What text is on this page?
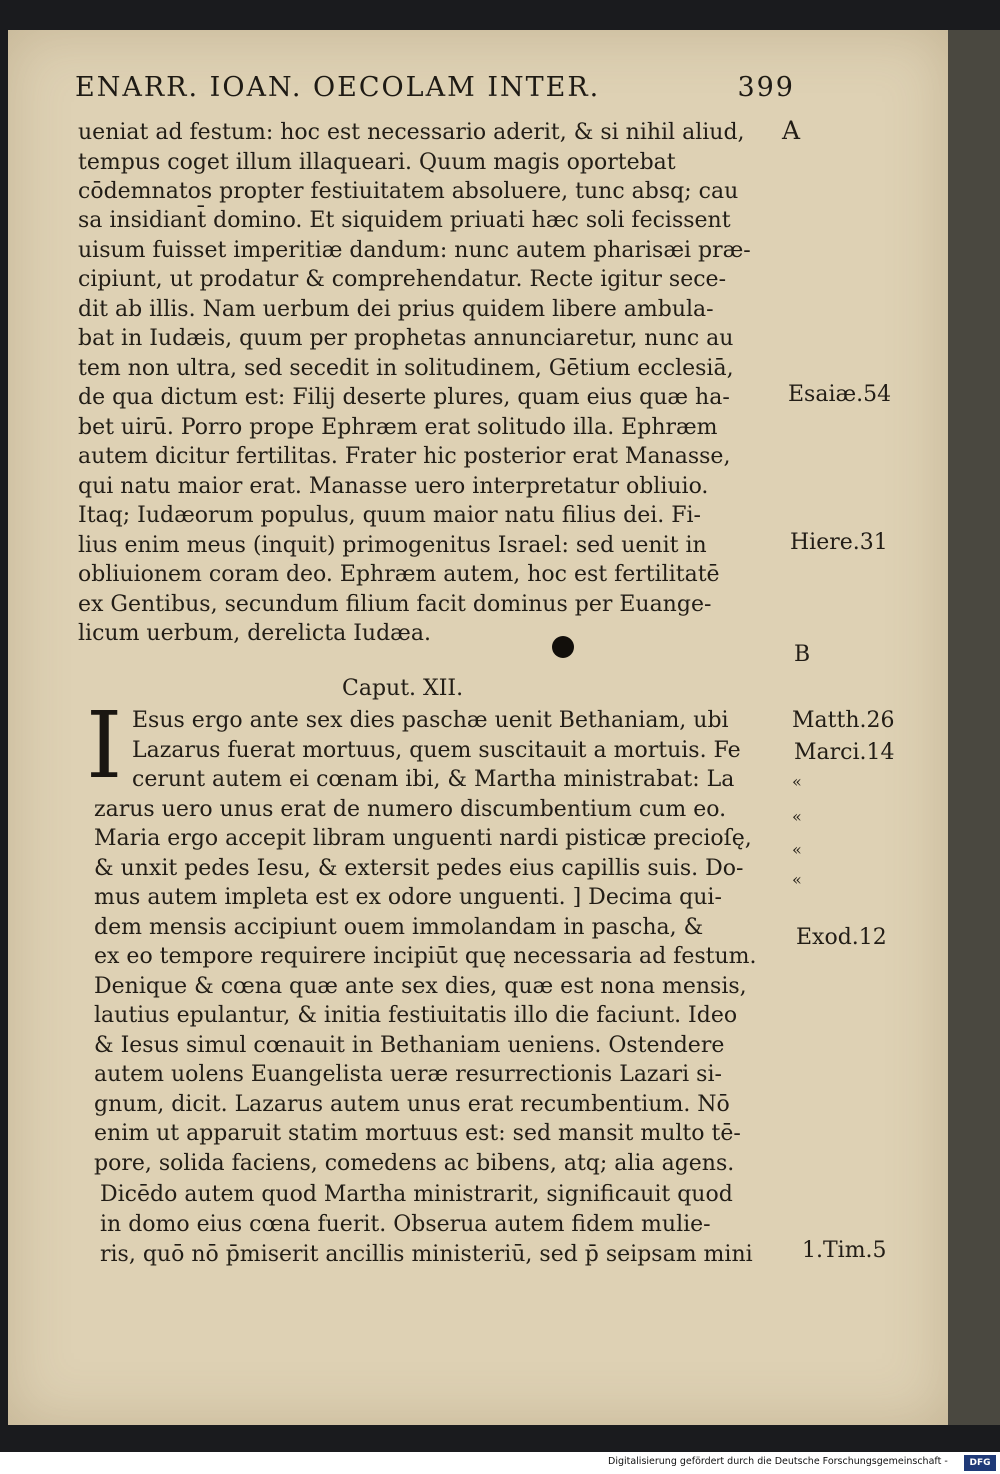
ENARR. IOAN. OECOLAM INTER.	399
ueniat ad festum: hoc est necessario aderit, & si nihil aliud,
tempus coget illum illaqueari. Quum magis oportebat
cōdemnatos propter festiuitatem absoluere, tunc absq; cau
sa insidiant̄ domino. Et siquidem priuati hæc soli fecissent
uisum fuisset imperitiæ dandum: nunc autem pharisæi præ-
cipiunt, ut prodatur & comprehendatur. Recte igitur sece-
dit ab illis. Nam uerbum dei prius quidem libere ambula-
bat in Iudæis, quum per prophetas annunciaretur, nunc au
tem non ultra, sed secedit in solitudinem, Gētium ecclesiā,
de qua dictum est: Filij deserte plures, quam eius quæ ha-
bet uirū. Porro prope Ephræm erat solitudo illa. Ephræm
autem dicitur fertilitas. Frater hic posterior erat Manasse,
qui natu maior erat. Manasse uero interpretatur obliuio.
Itaq; Iudæorum populus, quum maior natu filius dei. Fi-
lius enim meus (inquit) primogenitus Israel: sed uenit in
obliuionem coram deo. Ephræm autem, hoc est fertilitatē
ex Gentibus, secundum filium facit dominus per Euange-
licum uerbum, derelicta Iudæa.
Caput. XII.
I Esus ergo ante sex dies paschæ uenit Bethaniam, ubi
Lazarus fuerat mortuus, quem suscitauit a mortuis. Fe
cerunt autem ei cœnam ibi, & Martha ministrabat: La
zarus uero unus erat de numero discumbentium cum eo.
Maria ergo accepit libram unguenti nardi pisticæ precioſę,
& unxit pedes Iesu, & extersit pedes eius capillis suis. Do-
mus autem impleta est ex odore unguenti. ] Decima qui-
dem mensis accipiunt ouem immolandam in pascha, &
ex eo tempore requirere incipiūt quę necessaria ad festum.
Denique & cœna quæ ante sex dies, quæ est nona mensis,
lautius epulantur, & initia festiuitatis illo die faciunt. Ideo
& Iesus simul cœnauit in Bethaniam ueniens. Ostendere
autem uolens Euangelista ueræ resurrectionis Lazari si-
gnum, dicit. Lazarus autem unus erat recumbentium. Nō
enim ut apparuit statim mortuus est: sed mansit multo tē-
pore, solida faciens, comedens ac bibens, atq; alia agens.
Dicēdo autem quod Martha ministrarit, significauit quod
in domo eius cœna fuerit. Obserua autem fidem mulie-
ris, quō nō p̄miserit ancillis ministeriū, sed p̄ seipsam mini
A
Esaiæ.54
Hiere.31
B
Matth.26
Marci.14
«
«
«
«
Exod.12
1.Tim.5
Digitalisierung gefördert durch die Deutsche Forschungsgemeinschaft -	DFG
